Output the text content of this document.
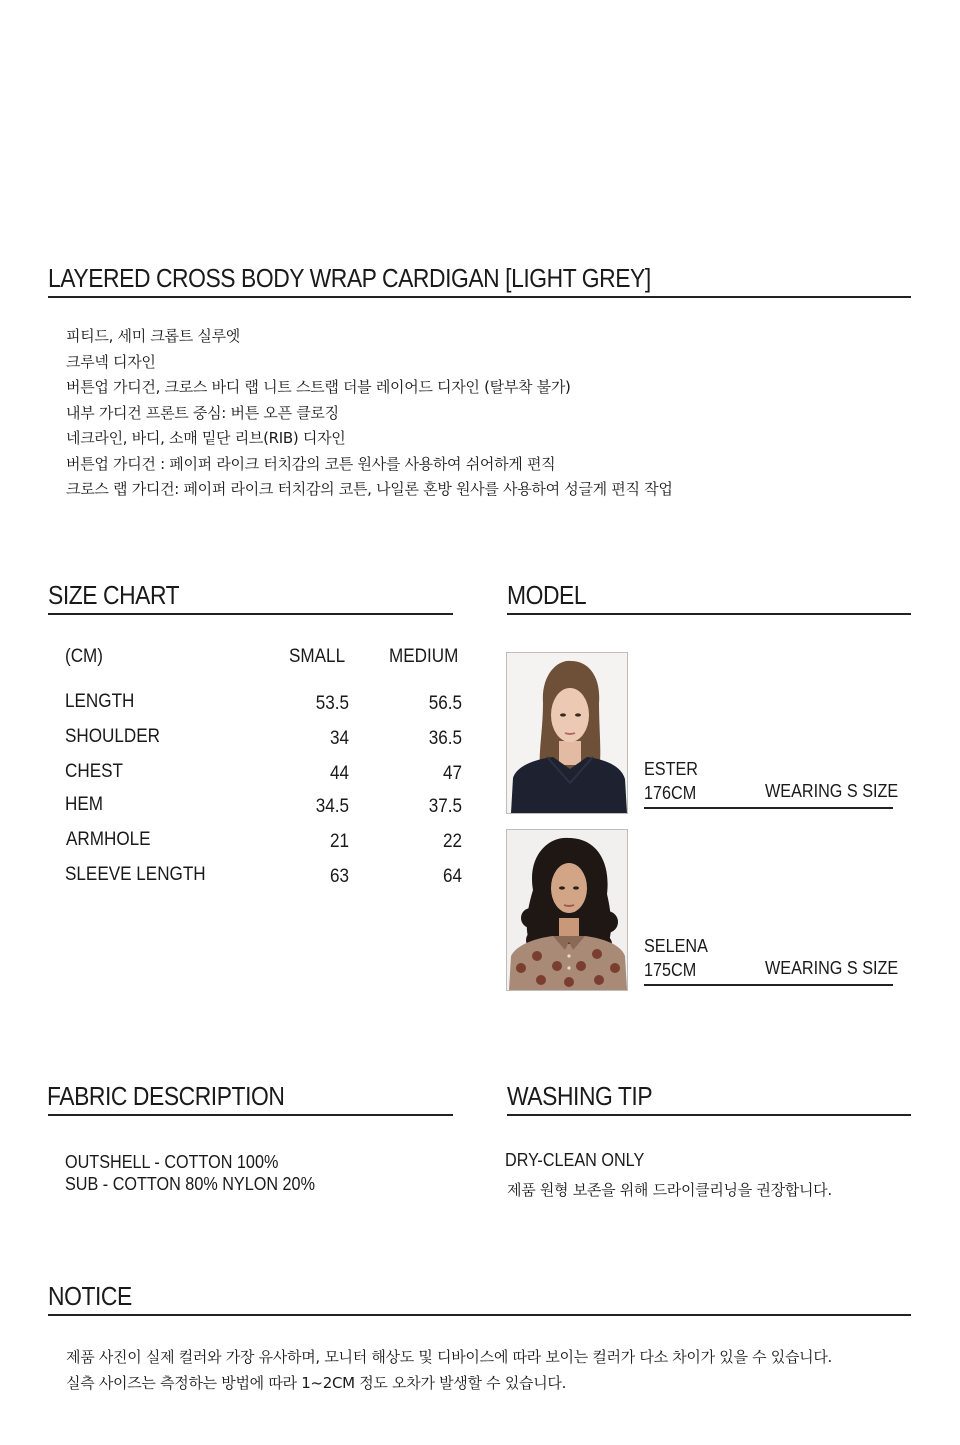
LAYERED CROSS BODY WRAP CARDIGAN [LIGHT GREY]
피티드, 세미 크롭트 실루엣
크루넥 디자인
버튼업 가디건, 크로스 바디 랩 니트 스트랩 더블 레이어드 디자인 (탈부착 불가)
내부 가디건 프론트 중심: 버튼 오픈 클로징
네크라인, 바디, 소매 밑단 리브(RIB) 디자인
버튼업 가디건 : 페이퍼 라이크 터치감의 코튼 원사를 사용하여 쉬어하게 편직
크로스 랩 가디건: 페이퍼 라이크 터치감의 코튼, 나일론 혼방 원사를 사용하여 성글게 편직 작업
SIZE CHART
(CM)	SMALL MEDIUM
LENGTH	53.5	56.5
SHOULDER	34	36.5
CHEST	44	47
HEM	34.5	37.5
ARMHOLE	21	22
SLEEVE LENGTH	63	64
MODEL
ESTER
176CM	WEARING S SIZE
SELENA
175CM	WEARING S SIZE
FABRIC DESCRIPTION
OUTSHELL - COTTON 100%
SUB - COTTON 80% NYLON 20%
WASHING TIP
DRY-CLEAN ONLY
제품 원형 보존을 위해 드라이클리닝을 권장합니다.
NOTICE
제품 사진이 실제 컬러와 가장 유사하며, 모니터 해상도 및 디바이스에 따라 보이는 컬러가 다소 차이가 있을 수 있습니다.
실측 사이즈는 측정하는 방법에 따라 1~2CM 정도 오차가 발생할 수 있습니다.
